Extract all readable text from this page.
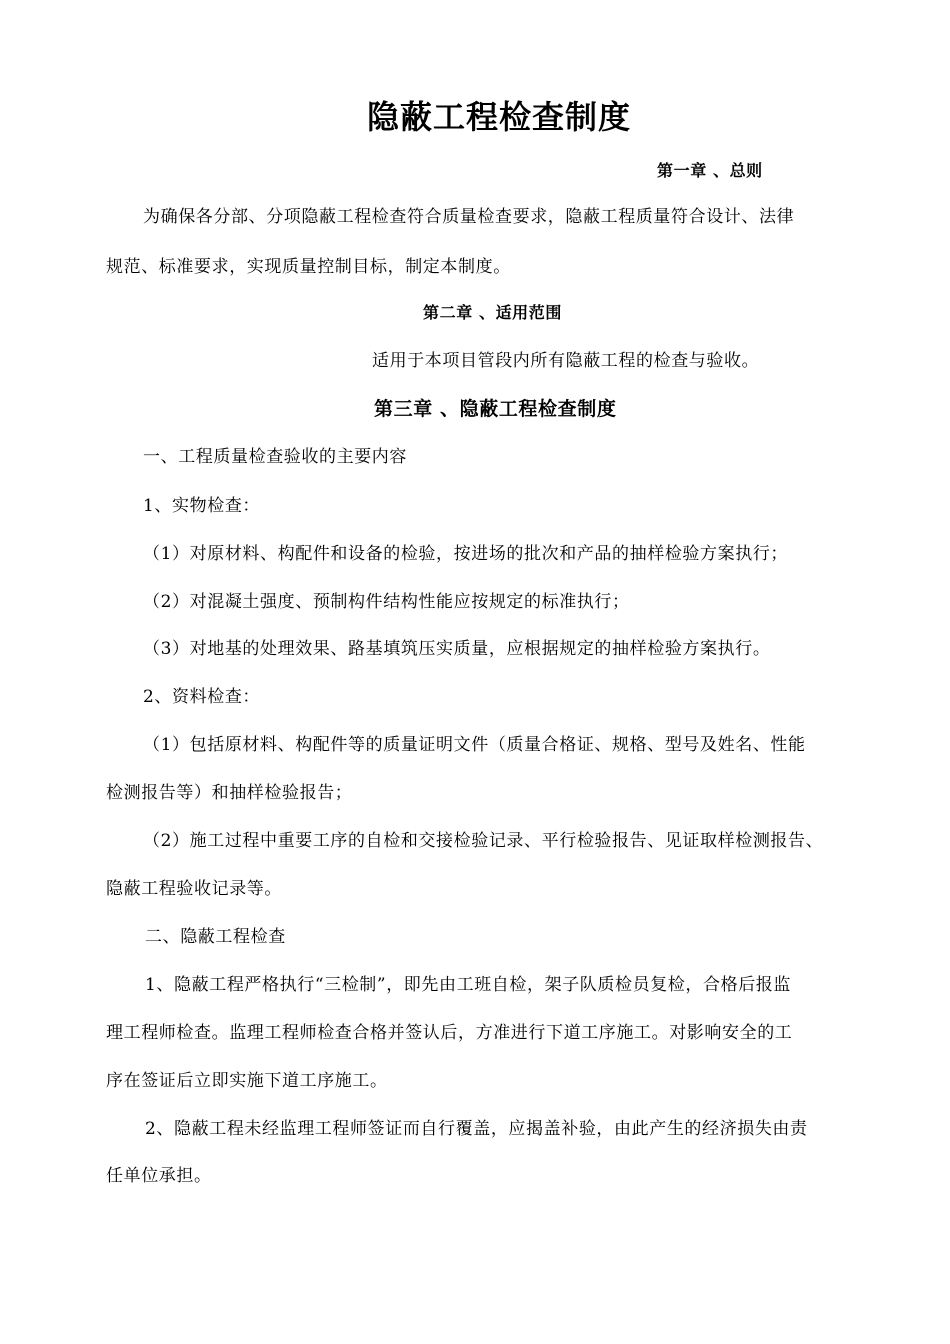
隐蔽工程检查制度
第一章 、总则
为确保各分部、分项隐蔽工程检查符合质量检查要求，隐蔽工程质量符合设计、法律
规范、标准要求，实现质量控制目标，制定本制度。
第二章 、适用范围
适用于本项目管段内所有隐蔽工程的检查与验收。
第三章 、隐蔽工程检查制度
一、工程质量检查验收的主要内容
1、实物检查：
（1）对原材料、构配件和设备的检验，按进场的批次和产品的抽样检验方案执行；
（2）对混凝土强度、预制构件结构性能应按规定的标准执行；
（3）对地基的处理效果、路基填筑压实质量，应根据规定的抽样检验方案执行。
2、资料检查：
（1）包括原材料、构配件等的质量证明文件（质量合格证、规格、型号及姓名、性能
检测报告等）和抽样检验报告；
（2）施工过程中重要工序的自检和交接检验记录、平行检验报告、见证取样检测报告、
隐蔽工程验收记录等。
二、隐蔽工程检查
1、隐蔽工程严格执行“三检制”，即先由工班自检，架子队质检员复检，合格后报监
理工程师检查。监理工程师检查合格并签认后，方准进行下道工序施工。对影响安全的工
序在签证后立即实施下道工序施工。
2、隐蔽工程未经监理工程师签证而自行覆盖，应揭盖补验，由此产生的经济损失由责
任单位承担。
